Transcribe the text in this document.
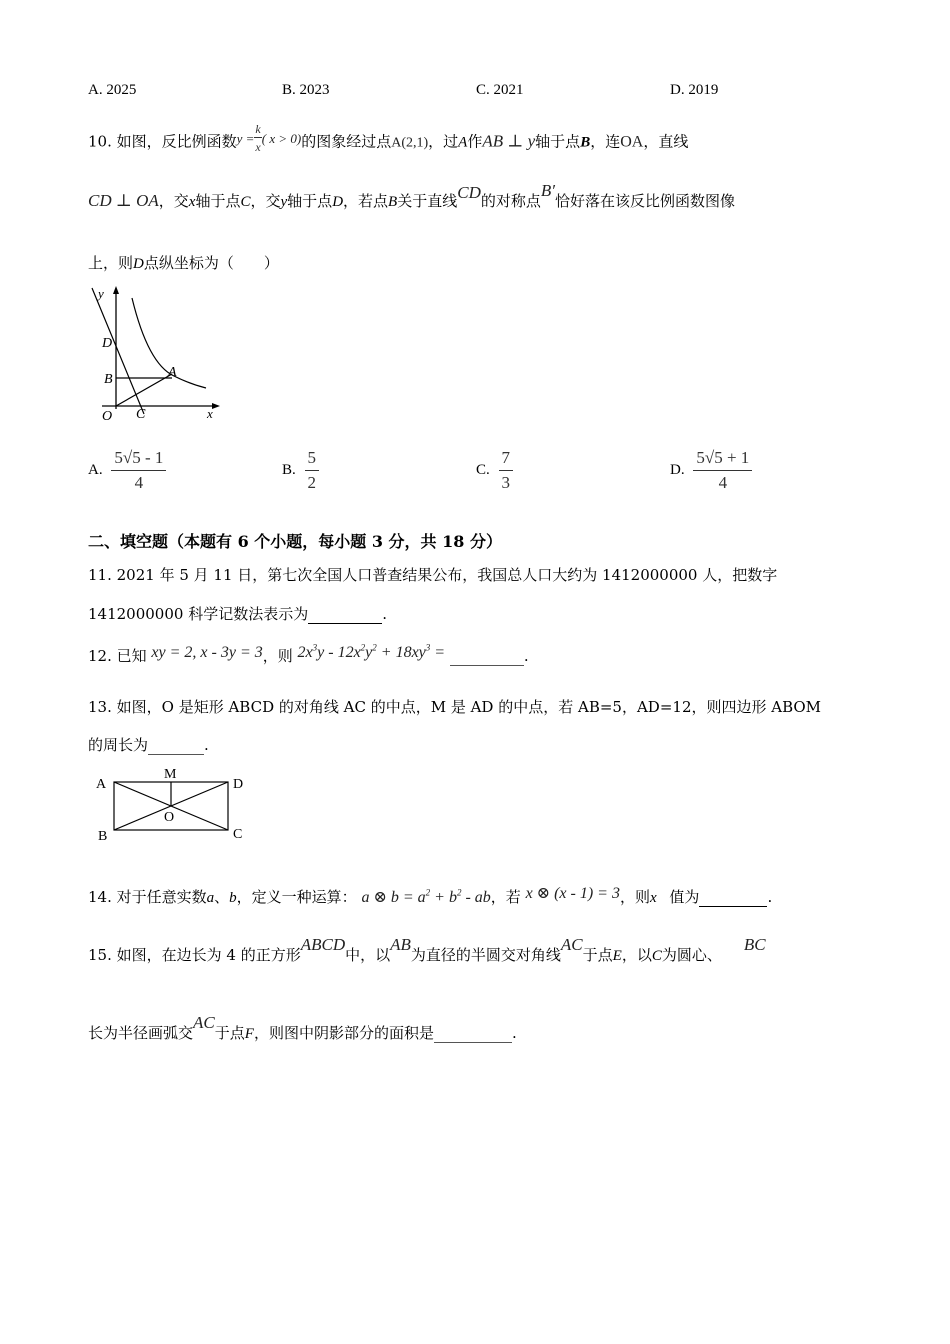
A. 2025	B. 2023	C. 2021	D. 2019
10. 如图，反比例函数$y = \frac{k}{x}$ ( x > 0)的图象经过点A(2,1)，过A作AB ⊥ y轴于点B，连OA，直线
CD ⊥ OA，交x轴于点C，交y轴于点D，若点B关于直线CD的对称点B′恰好落在该反比例函数图像
上，则D点纵坐标为（　　）
y
D
B	A
O C	x
A. $\frac{5√5 - 1}{4}$	B. $\frac{5}{2}$	C. $\frac{7}{3}$	D. $\frac{5√5 + 1}{4}$
二、填空题（本题有 6 个小题，每小题 3 分，共 18 分）
11. 2021 年 5 月 11 日，第七次全国人口普查结果公布，我国总人口大约为 1412000000 人，把数字
1412000000 科学记数法表示为	.
12. 已知 xy = 2, x - 3y = 3，则 $2x^3y - 12x^2y^2 + 18xy^3$ =	.
13. 如图，O 是矩形 ABCD 的对角线 AC 的中点，M 是 AD 的中点，若 AB=5，AD=12，则四边形 ABOM
的周长为	.
A
M
D
O
B	C
14. 对于任意实数a、b，定义一种运算： a ⊗ $b = a^2 + b^2$ - ab，若 x ⊗ (x - 1) = 3，则x 值为	.
15. 如图，在边长为 4 的正方形ABCD中，以AB为直径的半圆交对角线AC于点E，以C为圆心、BC
长为半径画弧交AC于点F，则图中阴影部分的面积是	.
